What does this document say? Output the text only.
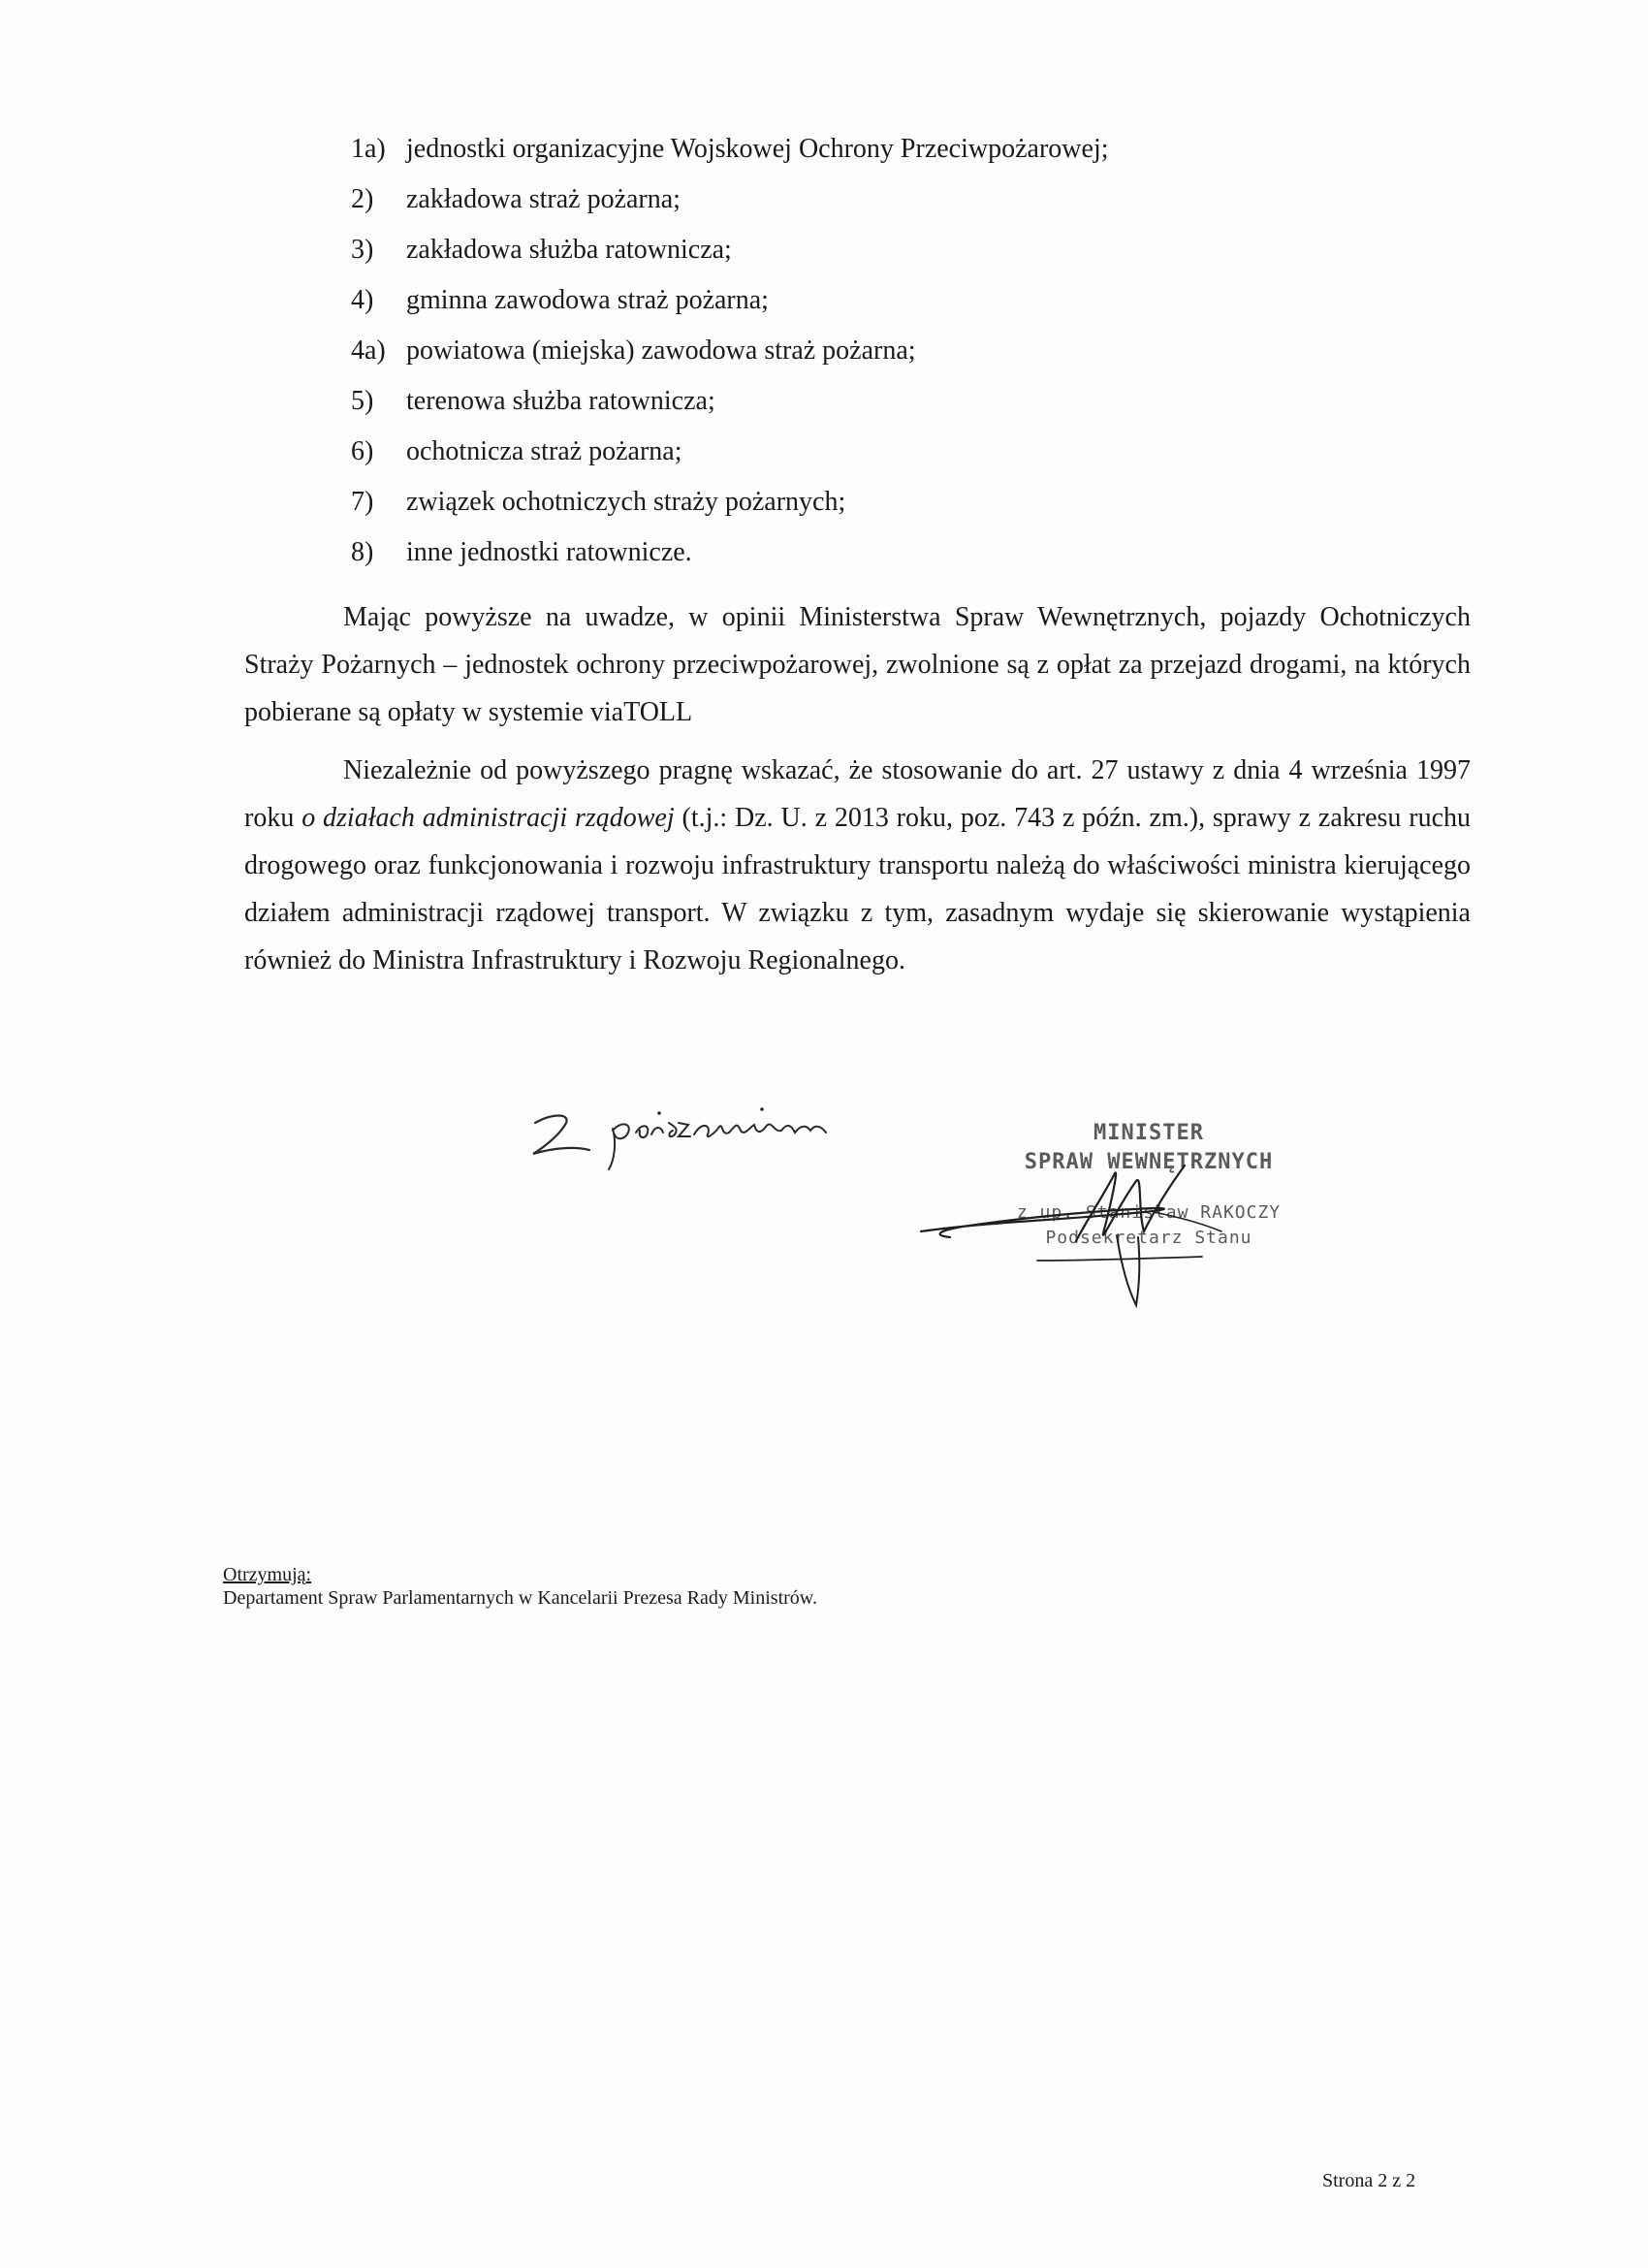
1a) jednostki organizacyjne Wojskowej Ochrony Przeciwpożarowej;
2) zakładowa straż pożarna;
3) zakładowa służba ratownicza;
4) gminna zawodowa straż pożarna;
4a) powiatowa (miejska) zawodowa straż pożarna;
5) terenowa służba ratownicza;
6) ochotnicza straż pożarna;
7) związek ochotniczych straży pożarnych;
8) inne jednostki ratownicze.

Mając powyższe na uwadze, w opinii Ministerstwa Spraw Wewnętrznych, pojazdy Ochotniczych Straży Pożarnych – jednostek ochrony przeciwpożarowej, zwolnione są z opłat za przejazd drogami, na których pobierane są opłaty w systemie viaTOLL

Niezależnie od powyższego pragnę wskazać, że stosowanie do art. 27 ustawy z dnia 4 września 1997 roku o działach administracji rządowej (t.j.: Dz. U. z 2013 roku, poz. 743 z późn. zm.), sprawy z zakresu ruchu drogowego oraz funkcjonowania i rozwoju infrastruktury transportu należą do właściwości ministra kierującego działem administracji rządowej transport. W związku z tym, zasadnym wydaje się skierowanie wystąpienia również do Ministra Infrastruktury i Rozwoju Regionalnego.

MINISTER
SPRAW WEWNĘTRZNYCH
z up. Stanisław RAKOCZY
Podsekretarz Stanu
Otrzymują:
Departament Spraw Parlamentarnych w Kancelarii Prezesa Rady Ministrów.
Strona 2 z 2
